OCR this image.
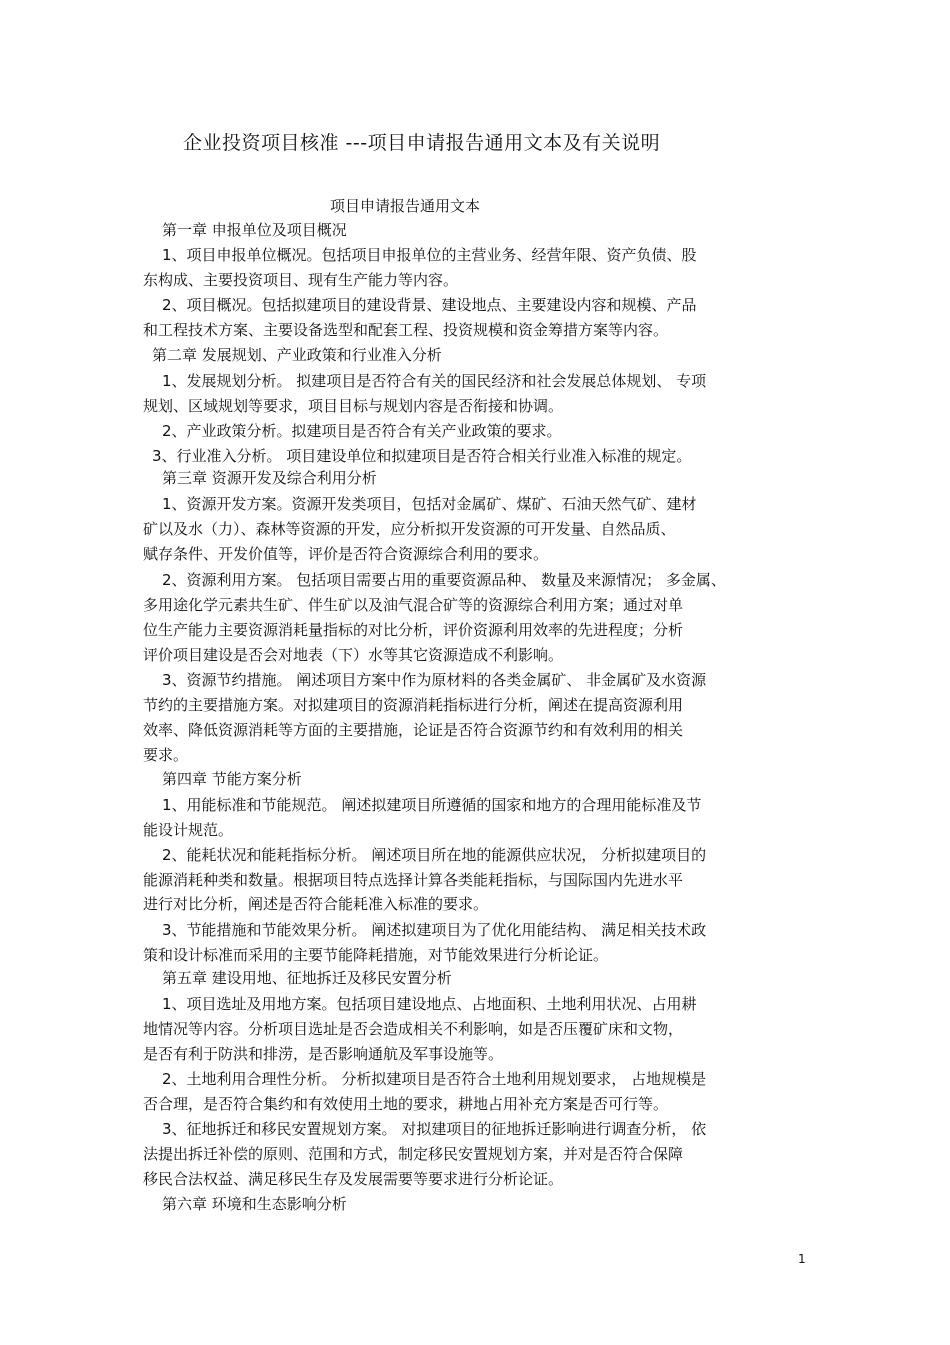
企业投资项目核准 ---项目申请报告通用文本及有关说明
项目申请报告通用文本
第一章 申报单位及项目概况
1、项目申报单位概况。包括项目申报单位的主营业务、经营年限、资产负债、股
东构成、主要投资项目、现有生产能力等内容。
2、项目概况。包括拟建项目的建设背景、建设地点、主要建设内容和规模、产品
和工程技术方案、主要设备选型和配套工程、投资规模和资金筹措方案等内容。
第二章 发展规划、产业政策和行业准入分析
1、发展规划分析。 拟建项目是否符合有关的国民经济和社会发展总体规划、 专项
规划、区域规划等要求，项目目标与规划内容是否衔接和协调。
2、产业政策分析。拟建项目是否符合有关产业政策的要求。
3、行业准入分析。 项目建设单位和拟建项目是否符合相关行业准入标准的规定。
第三章 资源开发及综合利用分析
1、资源开发方案。资源开发类项目，包括对金属矿、煤矿、石油天然气矿、建材
矿以及水（力）、森林等资源的开发，应分析拟开发资源的可开发量、自然品质、
赋存条件、开发价值等，评价是否符合资源综合利用的要求。
2、资源利用方案。 包括项目需要占用的重要资源品种、 数量及来源情况； 多金属、
多用途化学元素共生矿、伴生矿以及油气混合矿等的资源综合利用方案；通过对单
位生产能力主要资源消耗量指标的对比分析，评价资源利用效率的先进程度；分析
评价项目建设是否会对地表（下）水等其它资源造成不利影响。
3、资源节约措施。 阐述项目方案中作为原材料的各类金属矿、 非金属矿及水资源
节约的主要措施方案。对拟建项目的资源消耗指标进行分析，阐述在提高资源利用
效率、降低资源消耗等方面的主要措施，论证是否符合资源节约和有效利用的相关
要求。
第四章 节能方案分析
1、用能标准和节能规范。 阐述拟建项目所遵循的国家和地方的合理用能标准及节
能设计规范。
2、能耗状况和能耗指标分析。 阐述项目所在地的能源供应状况， 分析拟建项目的
能源消耗种类和数量。根据项目特点选择计算各类能耗指标，与国际国内先进水平
进行对比分析，阐述是否符合能耗准入标准的要求。
3、节能措施和节能效果分析。 阐述拟建项目为了优化用能结构、 满足相关技术政
策和设计标准而采用的主要节能降耗措施，对节能效果进行分析论证。
第五章 建设用地、征地拆迁及移民安置分析
1、项目选址及用地方案。包括项目建设地点、占地面积、土地利用状况、占用耕
地情况等内容。分析项目选址是否会造成相关不利影响，如是否压覆矿床和文物，
是否有利于防洪和排涝，是否影响通航及军事设施等。
2、土地利用合理性分析。 分析拟建项目是否符合土地利用规划要求， 占地规模是
否合理，是否符合集约和有效使用土地的要求，耕地占用补充方案是否可行等。
3、征地拆迁和移民安置规划方案。 对拟建项目的征地拆迁影响进行调查分析， 依
法提出拆迁补偿的原则、范围和方式，制定移民安置规划方案，并对是否符合保障
移民合法权益、满足移民生存及发展需要等要求进行分析论证。
第六章 环境和生态影响分析
1
